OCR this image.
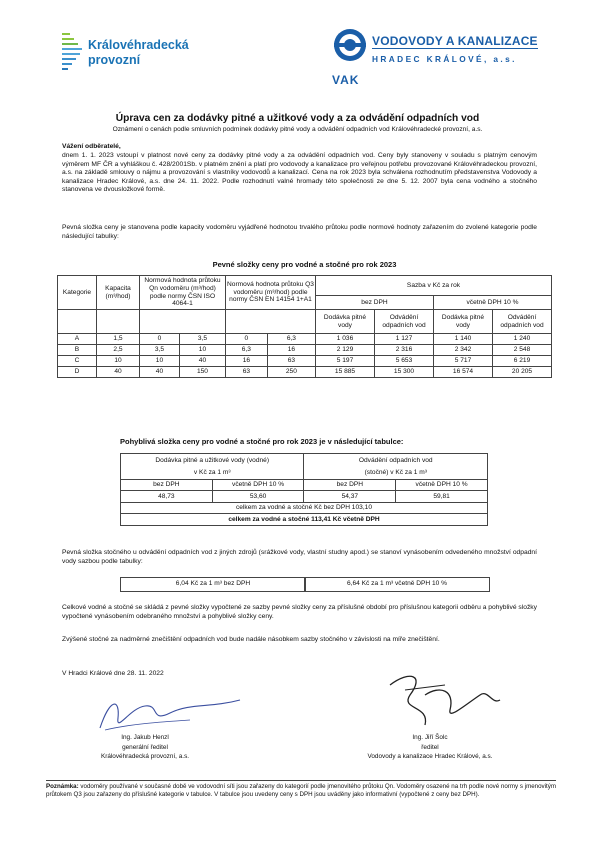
Královéhradecká
provozní
VODOVODY A KANALIZACE
HRADEC KRÁLOVÉ, a.s.
VAK
Úprava cen za dodávky pitné a užitkové vody a za odvádění odpadních vod
Oznámení o cenách podle smluvních podmínek dodávky pitné vody a odvádění odpadních vod Královéhradecké provozní, a.s.
Vážení odběratelé,
dnem 1. 1. 2023 vstoupí v platnost nové ceny za dodávky pitné vody a za odvádění odpadních vod. Ceny byly stanoveny v souladu s platným cenovým výměrem MF ČR a vyhláškou č. 428/2001Sb. v platném znění a platí pro vodovody a kanalizace pro veřejnou potřebu provozované Královéhradeckou provozní, a.s. na základě smlouvy o nájmu a provozování s vlastníky vodovodů a kanalizací. Cena na rok 2023 byla schválena rozhodnutím představenstva Vodovody a kanalizace Hradec Králové, a.s. dne 24. 11. 2022. Podle rozhodnutí valné hromady této společnosti ze dne 5. 12. 2007 byla cena vodného a stočného stanovena ve dvousložkové formě.
Pevná složka ceny je stanovena podle kapacity vodoměru vyjádřené hodnotou trvalého průtoku podle normové hodnoty zařazením do zvolené kategorie podle následující tabulky:
Pevné složky ceny pro vodné a stočné pro rok 2023
Kategorie	Kapacita (m³/hod)	Normová hodnota průtoku Qn vodoměru (m³/hod) podle normy ČSN ISO 4064-1		Normová hodnota průtoku Q3 vodoměru (m³/hod) podle normy ČSN EN 14154 1+A1		Sazba v Kč za rok			
						bez DPH		včetně DPH 10 %	
						Dodávka pitné vody	Odvádění odpadních vod	Dodávka pitné vody	Odvádění odpadních vod
A	1,5	0	3,5	0	6,3	1 036	1 127	1 140	1 240
B	2,5	3,5	10	6,3	16	2 129	2 316	2 342	2 548
C	10	10	40	16	63	5 197	5 653	5 717	6 219
D	40	40	150	63	250	15 885	15 300	16 574	20 205
Pohyblivá složka ceny pro vodné a stočné pro rok 2023 je v následující tabulce:
Dodávka pitné a užitkové vody (vodné)		Odvádění odpadních vod	
v Kč za 1 m³		(stočné) v Kč za 1 m³	
bez DPH	včetně DPH 10 %	bez DPH	včetně DPH 10 %
48,73	53,60	54,37	59,81
celkem za vodné a stočné Kč bez DPH 103,10			
celkem za vodné a stočné 113,41 Kč včetně DPH			
Pevná složka stočného u odvádění odpadních vod z jiných zdrojů (srážkové vody, vlastní studny apod.) se stanoví vynásobením odvedeného množství odpadní vody sazbou podle tabulky:
6,04 Kč za 1 m³ bez DPH	6,64 Kč za 1 m³ včetně DPH 10 %
Celkové vodné a stočné se skládá z pevné složky vypočtené ze sazby pevné složky ceny za příslušné období pro příslušnou kategorii odběru a pohyblivé složky vypočtené vynásobením odebraného množství a pohyblivé složky ceny.
Zvýšené stočné za nadměrné znečištění odpadních vod bude nadále násobkem sazby stočného v závislosti na míře znečištění.
V Hradci Králové dne 28. 11. 2022
Ing. Jakub Henzl
generální ředitel
Královéhradecká provozní, a.s.
Ing. Jiří Šolc
ředitel
Vodovody a kanalizace Hradec Králové, a.s.
Poznámka: vodoměry používané v současné době ve vodovodní síti jsou zařazeny do kategorií podle jmenovitého průtoku Qn. Vodoměry osazené na trh podle nové normy s jmenovitým průtokem Q3 jsou zařazeny do příslušné kategorie v tabulce. V tabulce jsou uvedeny ceny s DPH jsou uváděny jako informativní (vypočtené z ceny bez DPH).
